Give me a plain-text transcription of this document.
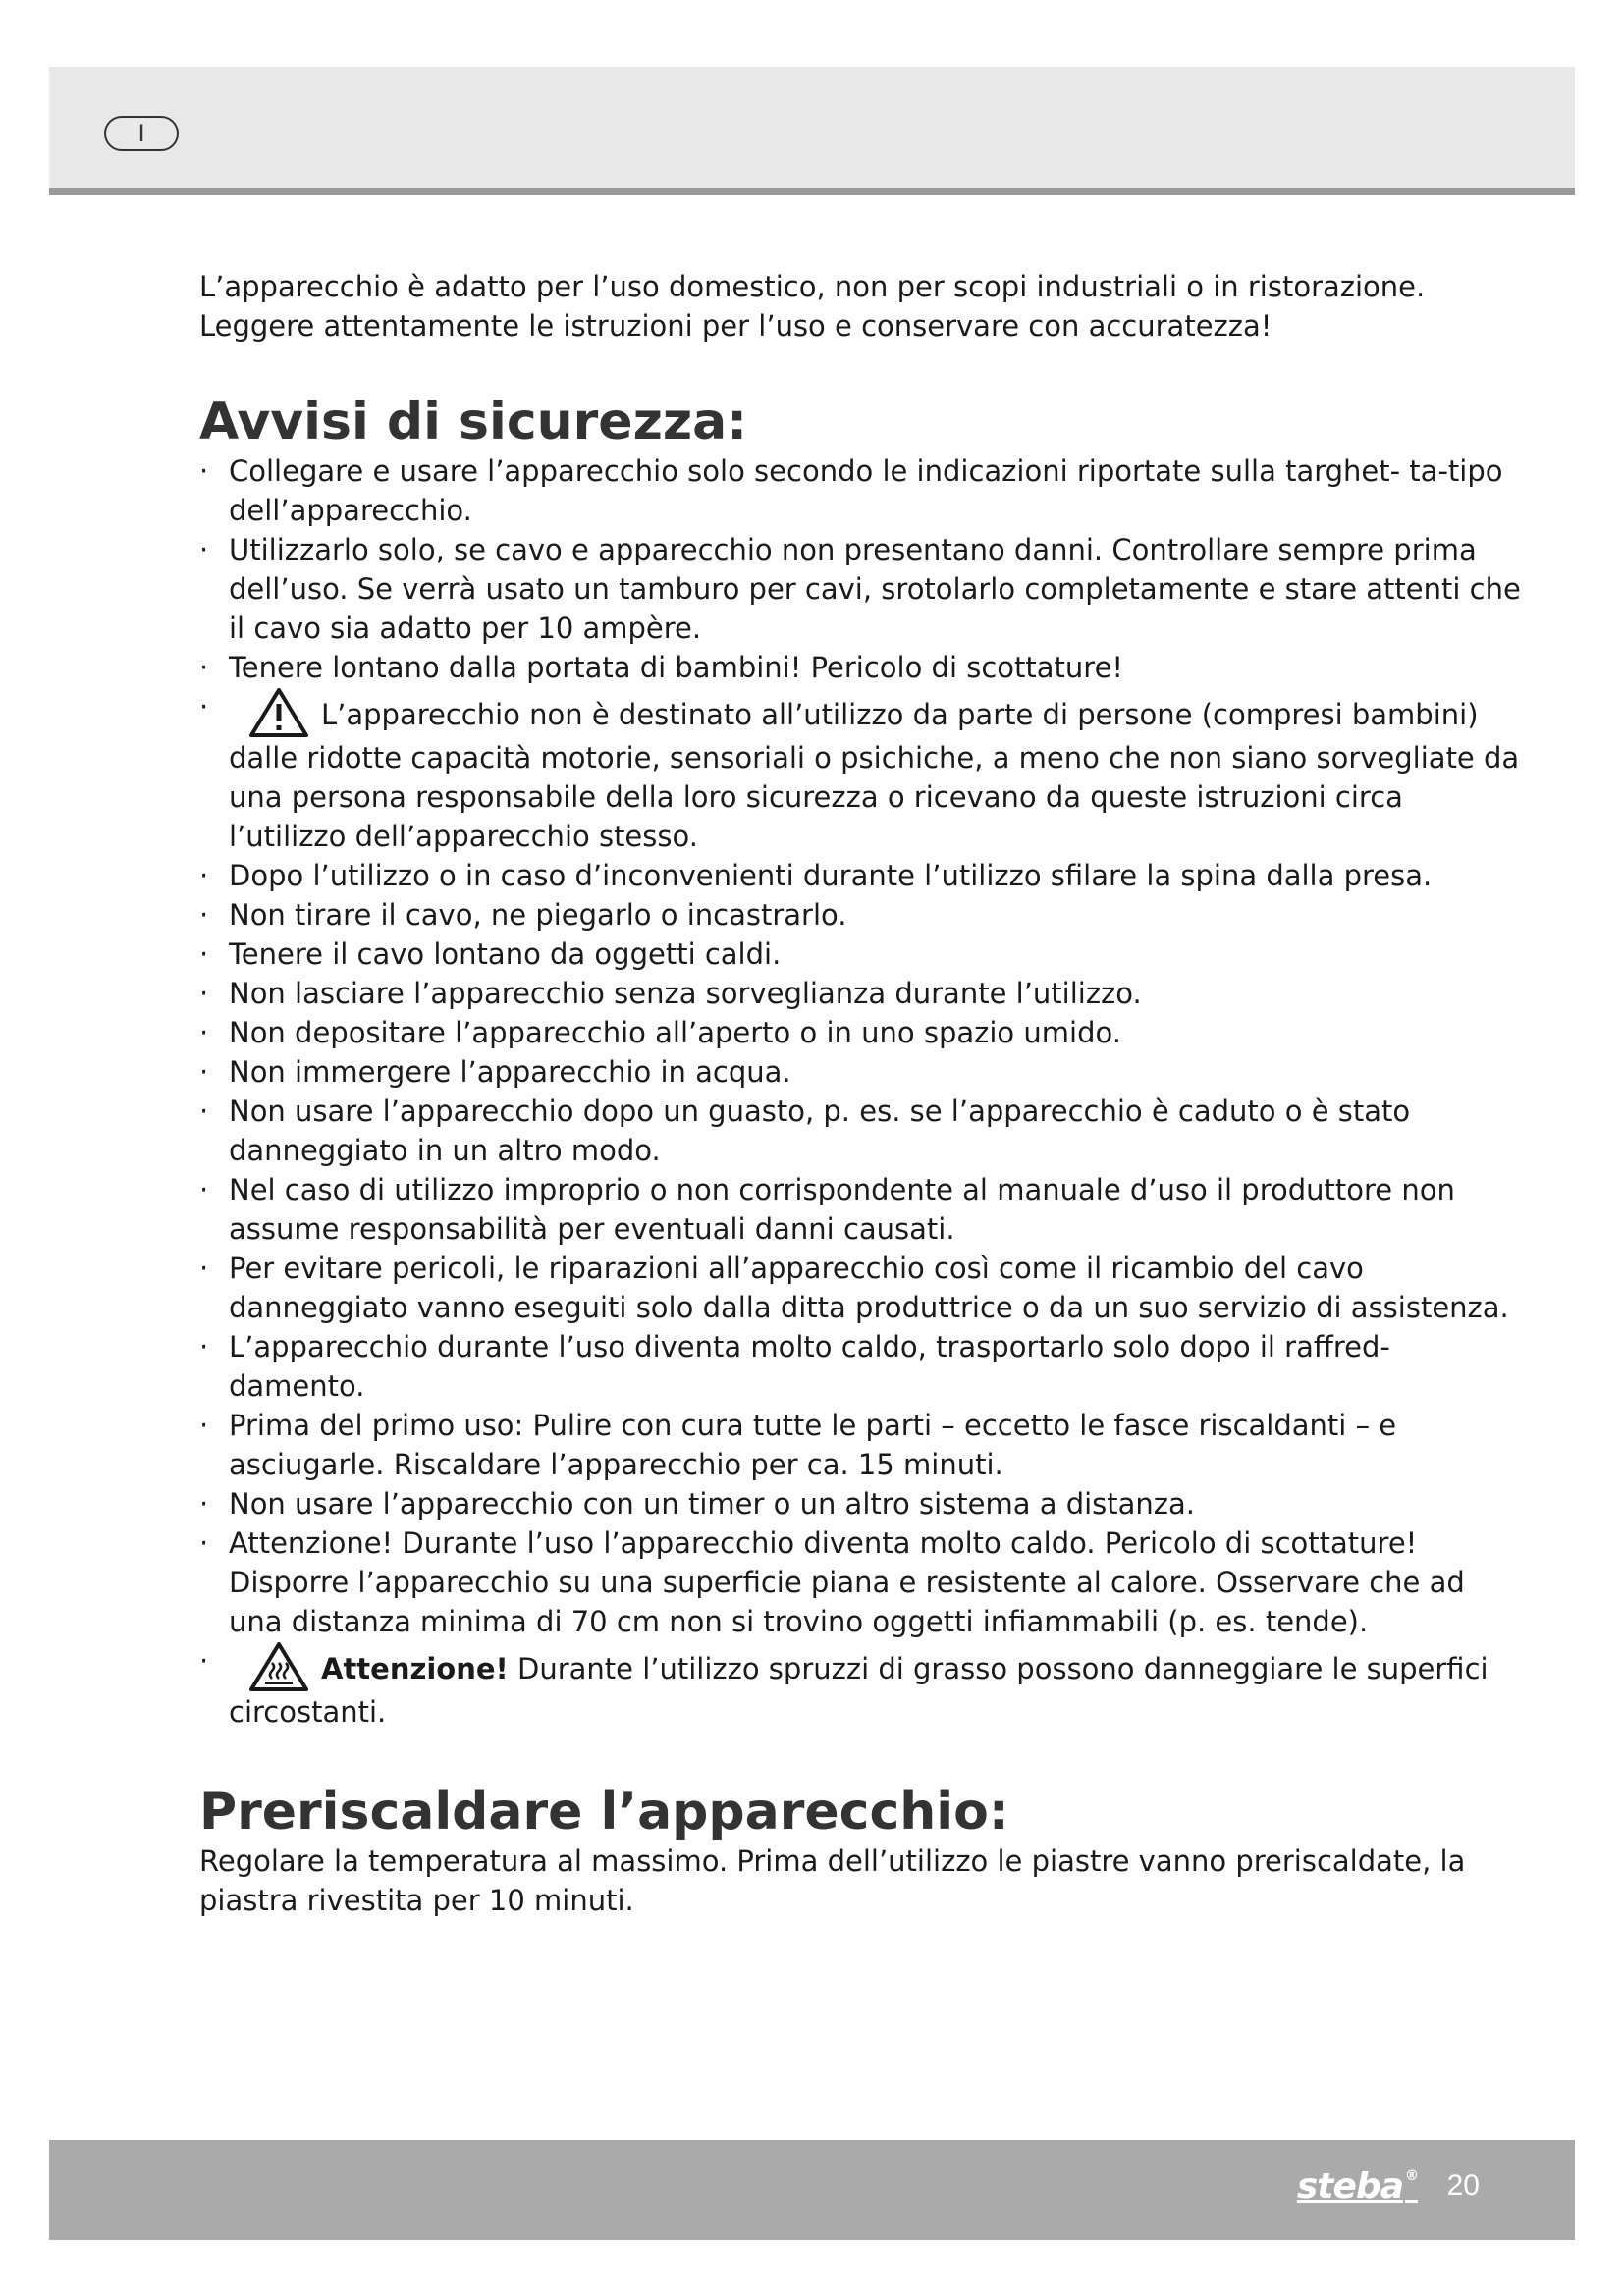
I

L’apparecchio è adatto per l’uso domestico, non per scopi industriali o in ristorazione.

Leggere attentamente le istruzioni per l’uso e conservare con accuratezza!

Avvisi di sicurezza:
· Collegare e usare l’apparecchio solo secondo le indicazioni riportate sulla targhet- ta-tipo dell’apparecchio.
· Utilizzarlo solo, se cavo e apparecchio non presentano danni. Controllare sempre prima dell’uso. Se verrà usato un tamburo per cavi, srotolarlo completamente e stare attenti che il cavo sia adatto per 10 ampère.
· Tenere lontano dalla portata di bambini! Pericolo di scottature!
· L’apparecchio non è destinato all’utilizzo da parte di persone (compresi bambini) dalle ridotte capacità motorie, sensoriali o psichiche, a meno che non siano sorvegliate da una persona responsabile della loro sicurezza o ricevano da queste istruzioni circa l’utilizzo dell’apparecchio stesso.
· Dopo l’utilizzo o in caso d’inconvenienti durante l’utilizzo sfilare la spina dalla presa.
· Non tirare il cavo, ne piegarlo o incastrarlo.
· Tenere il cavo lontano da oggetti caldi.
· Non lasciare l’apparecchio senza sorveglianza durante l’utilizzo.
· Non depositare l’apparecchio all’aperto o in uno spazio umido.
· Non immergere l’apparecchio in acqua.
· Non usare l’apparecchio dopo un guasto, p. es. se l’apparecchio è caduto o è stato danneggiato in un altro modo.
· Nel caso di utilizzo improprio o non corrispondente al manuale d’uso il produttore non assume responsabilità per eventuali danni causati.
· Per evitare pericoli, le riparazioni all’apparecchio così come il ricambio del cavo danneggiato vanno eseguiti solo dalla ditta produttrice o da un suo servizio di assistenza.
· L’apparecchio durante l’uso diventa molto caldo, trasportarlo solo dopo il raffred- damento.
· Prima del primo uso: Pulire con cura tutte le parti – eccetto le fasce riscaldanti – e asciugarle. Riscaldare l’apparecchio per ca. 15 minuti.
· Non usare l’apparecchio con un timer o un altro sistema a distanza.
· Attenzione! Durante l’uso l’apparecchio diventa molto caldo. Pericolo di scottature! Disporre l’apparecchio su una superficie piana e resistente al calore. Osservare che ad una distanza minima di 70 cm non si trovino oggetti infiammabili (p. es. tende).
· Attenzione! Durante l’utilizzo spruzzi di grasso possono danneggiare le superfici circostanti.
Preriscaldare l’apparecchio:

Regolare la temperatura al massimo. Prima dell’utilizzo le piastre vanno preriscaldate, la piastra rivestita per 10 minuti.

steba ® 20
